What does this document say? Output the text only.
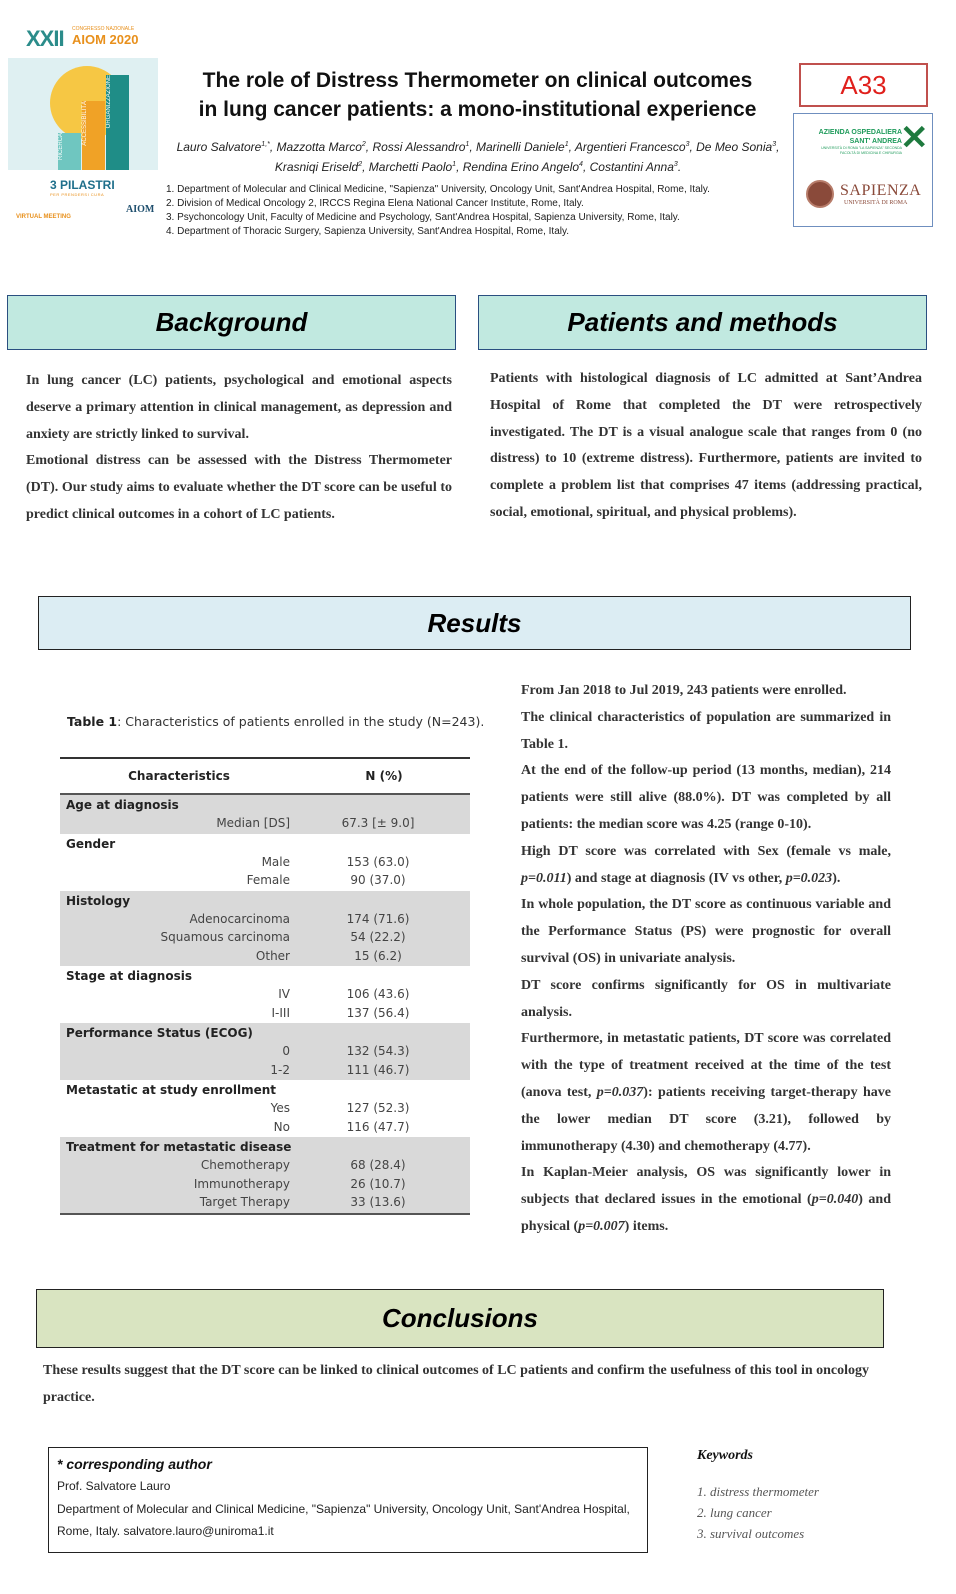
XXII CONGRESSO NAZIONALE
AIOM 2020
RICERCA
ACCESSIBILITÀ	ORGANIZZAZIONE
3 PILASTRI
PER PRENDERSI CURA
VIRTUAL MEETING
AIOM
The role of Distress Thermometer on clinical outcomes
in lung cancer patients: a mono-institutional experience
Lauro Salvatore$^{1,*}$, Mazzotta Marco$^2$, Rossi Alessandro$^1$, Marinelli Daniele$^1$, Argentieri Francesco$^3$, De Meo Sonia$^3$, Krasniqi Eriseld$^2$, Marchetti Paolo$^1$, Rendina Erino Angelo$^4$, Costantini Anna$^3$.
1. Department of Molecular and Clinical Medicine, "Sapienza" University, Oncology Unit, Sant'Andrea Hospital, Rome, Italy.
2. Division of Medical Oncology 2, IRCCS Regina Elena National Cancer Institute, Rome, Italy.
3. Psychoncology Unit, Faculty of Medicine and Psychology, Sant'Andrea Hospital, Sapienza University, Rome, Italy.
4. Department of Thoracic Surgery, Sapienza University, Sant'Andrea Hospital, Rome, Italy.
A33
AZIENDA OSPEDALIERA
SANT' ANDREA
UNIVERSITÀ DI ROMA "LA SAPIENZA" SECONDA FACOLTÀ DI MEDICINA E CHIRURGIA
✕
SAPIENZA
UNIVERSITÀ DI ROMA
Background

In lung cancer (LC) patients, psychological and emotional aspects deserve a primary attention in clinical management, as depression and anxiety are strictly linked to survival.

Emotional distress can be assessed with the Distress Thermometer (DT). Our study aims to evaluate whether the DT score can be useful to predict clinical outcomes in a cohort of LC patients.

Patients and methods

Patients with histological diagnosis of LC admitted at Sant’Andrea Hospital of Rome that completed the DT were retrospectively investigated. The DT is a visual analogue scale that ranges from 0 (no distress) to 10 (extreme distress). Furthermore, patients are invited to complete a problem list that comprises 47 items (addressing practical, social, emotional, spiritual, and physical problems).

Results
Table 1: Characteristics of patients enrolled in the study (N=243).
Characteristics	N (%)
Age at diagnosis
Median [DS]	67.3 [± 9.0]
Gender
Male	153 (63.0)
Female	90 (37.0)
Histology
Adenocarcinoma	174 (71.6)
Squamous carcinoma	54 (22.2)
Other	15 (6.2)
Stage at diagnosis
IV	106 (43.6)
I-III	137 (56.4)
Performance Status (ECOG)
0	132 (54.3)
1-2	111 (46.7)
Metastatic at study enrollment
Yes	127 (52.3)
No	116 (47.7)
Treatment for metastatic disease
Chemotherapy	68 (28.4)
Immunotherapy	26 (10.7)
Target Therapy	33 (13.6)

From Jan 2018 to Jul 2019, 243 patients were enrolled.

The clinical characteristics of population are summarized in Table 1.

At the end of the follow-up period (13 months, median), 214 patients were still alive (88.0%). DT was completed by all patients: the median score was 4.25 (range 0-10).

High DT score was correlated with Sex (female vs male, p=0.011) and stage at diagnosis (IV vs other, p=0.023).

In whole population, the DT score as continuous variable and the Performance Status (PS) were prognostic for overall survival (OS) in univariate analysis.

DT score confirms significantly for OS in multivariate analysis.

Furthermore, in metastatic patients, DT score was correlated with the type of treatment received at the time of the test (anova test, p=0.037): patients receiving target-therapy have the lower median DT score (3.21), followed by immunotherapy (4.30) and chemotherapy (4.77).

In Kaplan-Meier analysis, OS was significantly lower in subjects that declared issues in the emotional (p=0.040) and physical (p=0.007) items.

Conclusions
These results suggest that the DT score can be linked to clinical outcomes of LC patients and confirm the usefulness of this tool in oncology practice.
* corresponding author
Prof. Salvatore Lauro
Department of Molecular and Clinical Medicine, "Sapienza" University, Oncology Unit, Sant'Andrea Hospital, Rome, Italy. salvatore.lauro@uniroma1.it
Keywords
1. distress thermometer
2. lung cancer
3. survival outcomes
